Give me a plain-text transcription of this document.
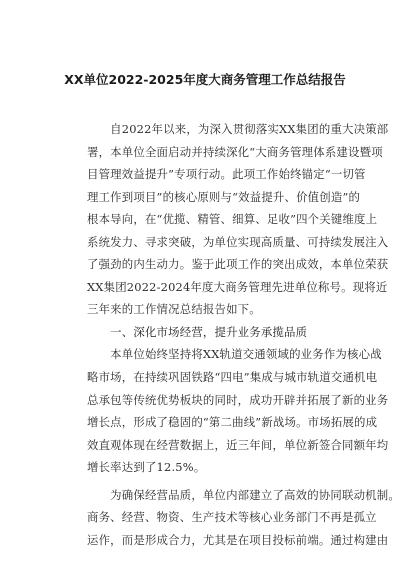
XX单位2022-2025年度大商务管理工作总结报告
　　自2022年以来，为深入贯彻落实XX集团的重大决策部
署，本单位全面启动并持续深化“大商务管理体系建设暨项
目管理效益提升”专项行动。此项工作始终锚定“一切管
理工作到项目”的核心原则与“效益提升、价值创造”的
根本导向，在“优揽、精管、细算、足收”四个关键维度上
系统发力、寻求突破，为单位实现高质量、可持续发展注入
了强劲的内生动力。鉴于此项工作的突出成效，本单位荣获
XX集团2022-2024年度大商务管理先进单位称号。现将近
三年来的工作情况总结报告如下。
　　一、深化市场经营，提升业务承揽品质
　　本单位始终坚持将XX轨道交通领域的业务作为核心战
略市场，在持续巩固铁路“四电”集成与城市轨道交通机电
总承包等传统优势板块的同时，成功开辟并拓展了新的业务
增长点，形成了稳固的“第二曲线”新战场。市场拓展的成
效直观体现在经营数据上，近三年间，单位新签合同额年均
增长率达到了12.5%。
　　为确保经营品质，单位内部建立了高效的协同联动机制。
商务、经营、物资、生产技术等核心业务部门不再是孤立
运作，而是形成合力，尤其是在项目投标前端。通过构建由
